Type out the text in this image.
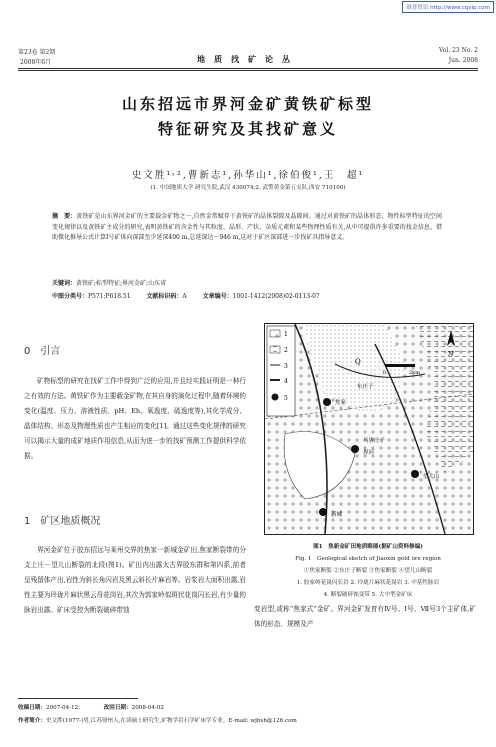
维普资讯 http://www.cqvip.com
第23卷 第2期
2008年6月	地质找矿论丛
Vol. 23 No. 2
Jun. 2008
山东招远市界河金矿黄铁矿标型
特征研究及其找矿意义
史文胜¹˒²,曹新志¹,孙华山¹,徐伯俊¹,王　超¹
(1. 中国地质大学 研究生院,武汉 430074;2. 武警黄金第五支队,西安 710100)
摘　要：黄铁矿是山东界河金矿的主要载金矿物之一,自然金常赋存于黄铁矿的晶体裂隙及晶隙间。通过对黄铁矿的晶体形态、物性标型特征的空间变化规律以及黄铁矿主成分的研究,表明黄铁矿的含金性与其粒度、晶形、产状、杂质元素和某些物理性质有关,从中可提供许多重要的找金信息。借助微化推导公式计算Ⅰ号矿体向深部至少延深400 m,总延深达－946 m,这对于矿区深部进一步找矿具指导意义。
关键词：黄铁矿;标型特征;界河金矿;山东省
中图分类号：P571;P618.51	文献标识码：A	文章编号：1001-1412(2008)02-0113-07
0　引言
矿物标型的研究在找矿工作中得到广泛的应用,并且经实践证明是一种行之有效的方法。黄铁矿作为主要载金矿物,在其自身的演化过程中,随着环境的变化(温度、压力、溶液性质、pH、Eh、氧逸度、硫逸度等),其化学成分、晶体结构、形态及物理性质也产生相应的变化[1]。通过这些变化规律的研究可以揭示大量的成矿地质作用信息,从而为进一步的找矿预测工作提供科学依据。
1　矿区地质概况
界河金矿位于胶东招远与莱州交界的焦家一新城金矿田,焦家断裂带的分支上庄－望儿山断裂的北段(图1)。矿田内出露太古界胶东群和第四系,前者呈残留体产出,岩性为斜长角闪岩及黑云斜长片麻岩等。岩浆岩大面积出露,岩性主要为玲珑片麻状黑云母花岗岩,其次为郭家岭似斑状花岗闪长岩,有少量的脉岩出露。矿床受控为断裂破碎带蚀
1
2
3
4
5
焦家
东庄子
马唐庄子
新城
界河
望儿山
Q
N
0	2km
图1　焦新金矿田地质略图(据矿山资料修编)
Fig. 1　Geological sketch of Jiaoxin gold ore region
①焦家断裂 ②东庄子断裂 ③焦家断裂 ④望儿山断裂
1. 胶家岭花岗闪长岩 2. 玲珑片麻状花岗岩 3. 中基性脉岩
4. 断裂破碎蚀变带 5. 大中型金矿床
变岩型,或称“焦家式”金矿。界河金矿发育有Ⅳ号、Ⅰ号、Ⅶ号3个主矿体,矿体的形态、规模及产
收稿日期：2007-04-12;	改回日期：2008-04-02
作者简介：史文胜(1977-)男,江苏徐州人,在读硕士研究生,矿物学岩石学矿床学专业。E-mail: wjbsh@126.com
